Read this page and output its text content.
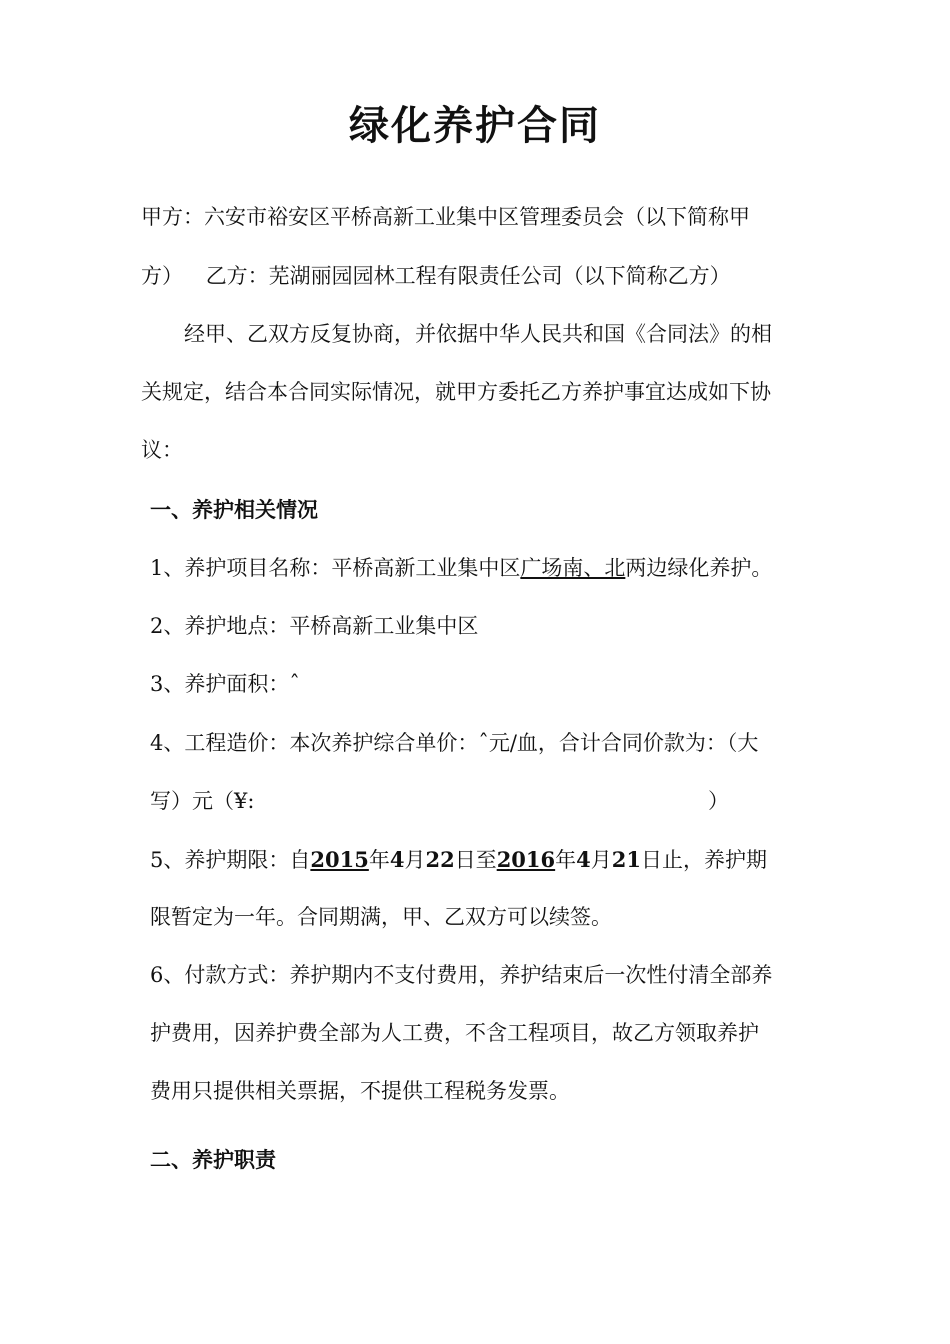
绿化养护合同
甲方：六安市裕安区平桥高新工业集中区管理委员会（以下简称甲
方） 乙方：芜湖丽园园林工程有限责任公司（以下简称乙方）
经甲、乙双方反复协商，并依据中华人民共和国《合同法》的相
关规定，结合本合同实际情况，就甲方委托乙方养护事宜达成如下协
议：
一、养护相关情况
1、养护项目名称：平桥高新工业集中区广场南、北两边绿化养护。
2、养护地点：平桥高新工业集中区
3、养护面积：ˆ
4、工程造价：本次养护综合单价：ˆ元/血，合计合同价款为：（大
写）元（¥:	）
5、养护期限：自2015年4月22日至2016年4月21日止，养护期
限暂定为一年。合同期满，甲、乙双方可以续签。
6、付款方式：养护期内不支付费用，养护结束后一次性付清全部养
护费用，因养护费全部为人工费，不含工程项目，故乙方领取养护
费用只提供相关票据，不提供工程税务发票。
二、养护职责
